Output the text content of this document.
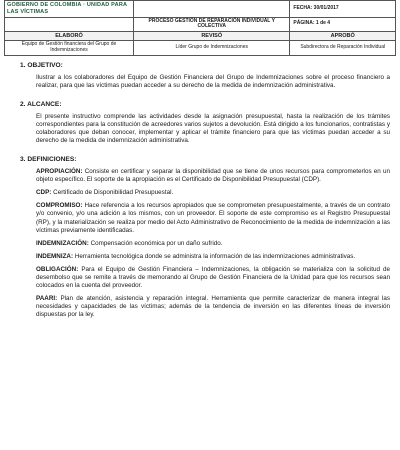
GOBIERNO DE COLOMBIA · UNIDAD PARA LAS VÍCTIMAS		FECHA: 30/01/2017
	PROCESO GESTIÓN DE REPARACIÓN INDIVIDUAL Y COLECTIVA	PÁGINA: 1 de 4
ELABORÓ	REVISÓ	APROBÓ
Equipo de Gestión financiera del Grupo de Indemnizaciones	Líder Grupo de Indemnizaciones	Subdirectora de Reparación Individual
1. OBJETIVO:

Ilustrar a los colaboradores del Equipo de Gestión Financiera del Grupo de Indemnizaciones sobre el proceso financiero a realizar, para que las víctimas puedan acceder a su derecho de la medida de indemnización administrativa.

2. ALCANCE:

El presente instructivo comprende las actividades desde la asignación presupuestal, hasta la realización de los trámites correspondientes para la constitución de acreedores varios sujetos a devolución. Está dirigido a los funcionarios, contratistas y colaboradores que deban conocer, implementar y aplicar el trámite financiero para que las víctimas puedan acceder a su derecho de la medida de indemnización administrativa.

3. DEFINICIONES:

APROPIACIÓN: Consiste en certificar y separar la disponibilidad que se tiene de unos recursos para comprometerlos en un objeto específico. El soporte de la apropiación es el Certificado de Disponibilidad Presupuestal (CDP).

CDP: Certificado de Disponibilidad Presupuestal.

COMPROMISO: Hace referencia a los recursos apropiados que se comprometen presupuestalmente, a través de un contrato y/o convenio, y/o una adición a los mismos, con un proveedor. El soporte de este compromiso es el Registro Presupuestal (RP), y la materialización se realiza por medio del Acto Administrativo de Reconocimiento de la medida de indemnización a las víctimas previamente identificadas.

INDEMNIZACIÓN: Compensación económica por un daño sufrido.

INDEMNIZA: Herramienta tecnológica donde se administra la información de las indemnizaciones administrativas.

OBLIGACIÓN: Para el Equipo de Gestión Financiera – Indemnizaciones, la obligación se materializa con la solicitud de desembolso que se remite a través de memorando al Grupo de Gestión Financiera de la Unidad para que los recursos sean colocados en la cuenta del proveedor.

PAARI: Plan de atención, asistencia y reparación integral. Herramienta que permite caracterizar de manera integral las necesidades y capacidades de las víctimas; además de la tendencia de inversión en las diferentes líneas de inversión dispuestas por la ley.
